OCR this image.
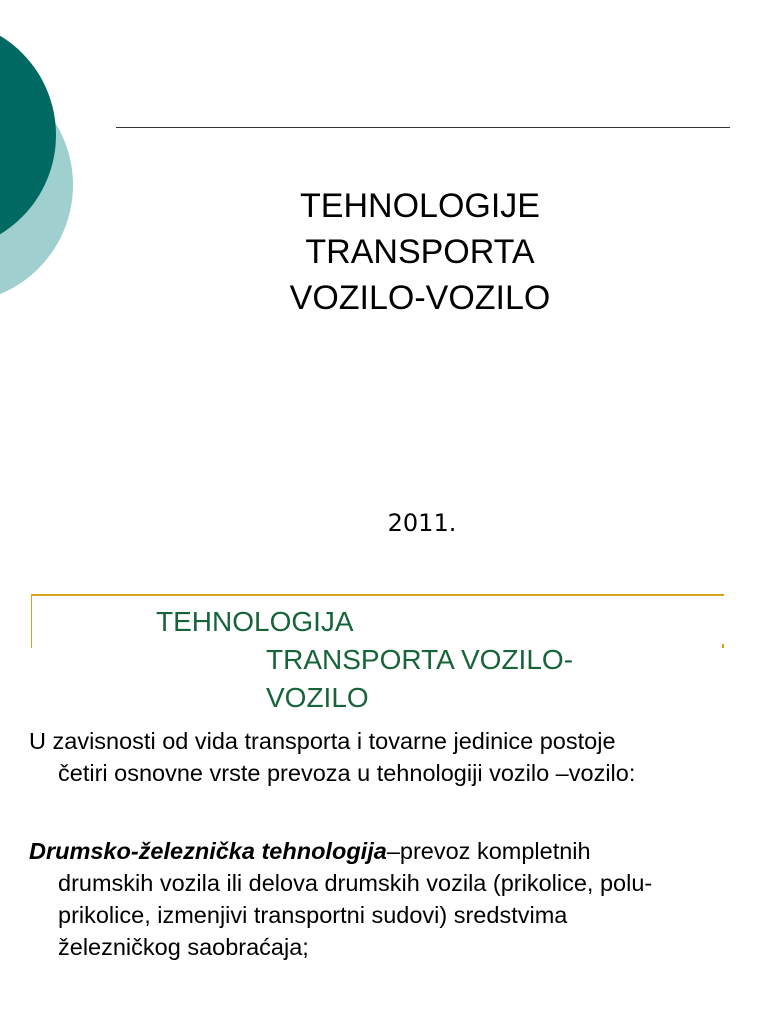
TEHNOLOGIJE
TRANSPORTA
VOZILO-VOZILO
2011.
TEHNOLOGIJA
TRANSPORTA VOZILO-
VOZILO
U zavisnosti od vida transporta i tovarne jedinice postoje
četiri osnovne vrste prevoza u tehnologiji vozilo –vozilo:
Drumsko-železnička tehnologija–prevoz kompletnih
drumskih vozila ili delova drumskih vozila (prikolice, polu-
prikolice, izmenjivi transportni sudovi) sredstvima
železničkog saobraćaja;
